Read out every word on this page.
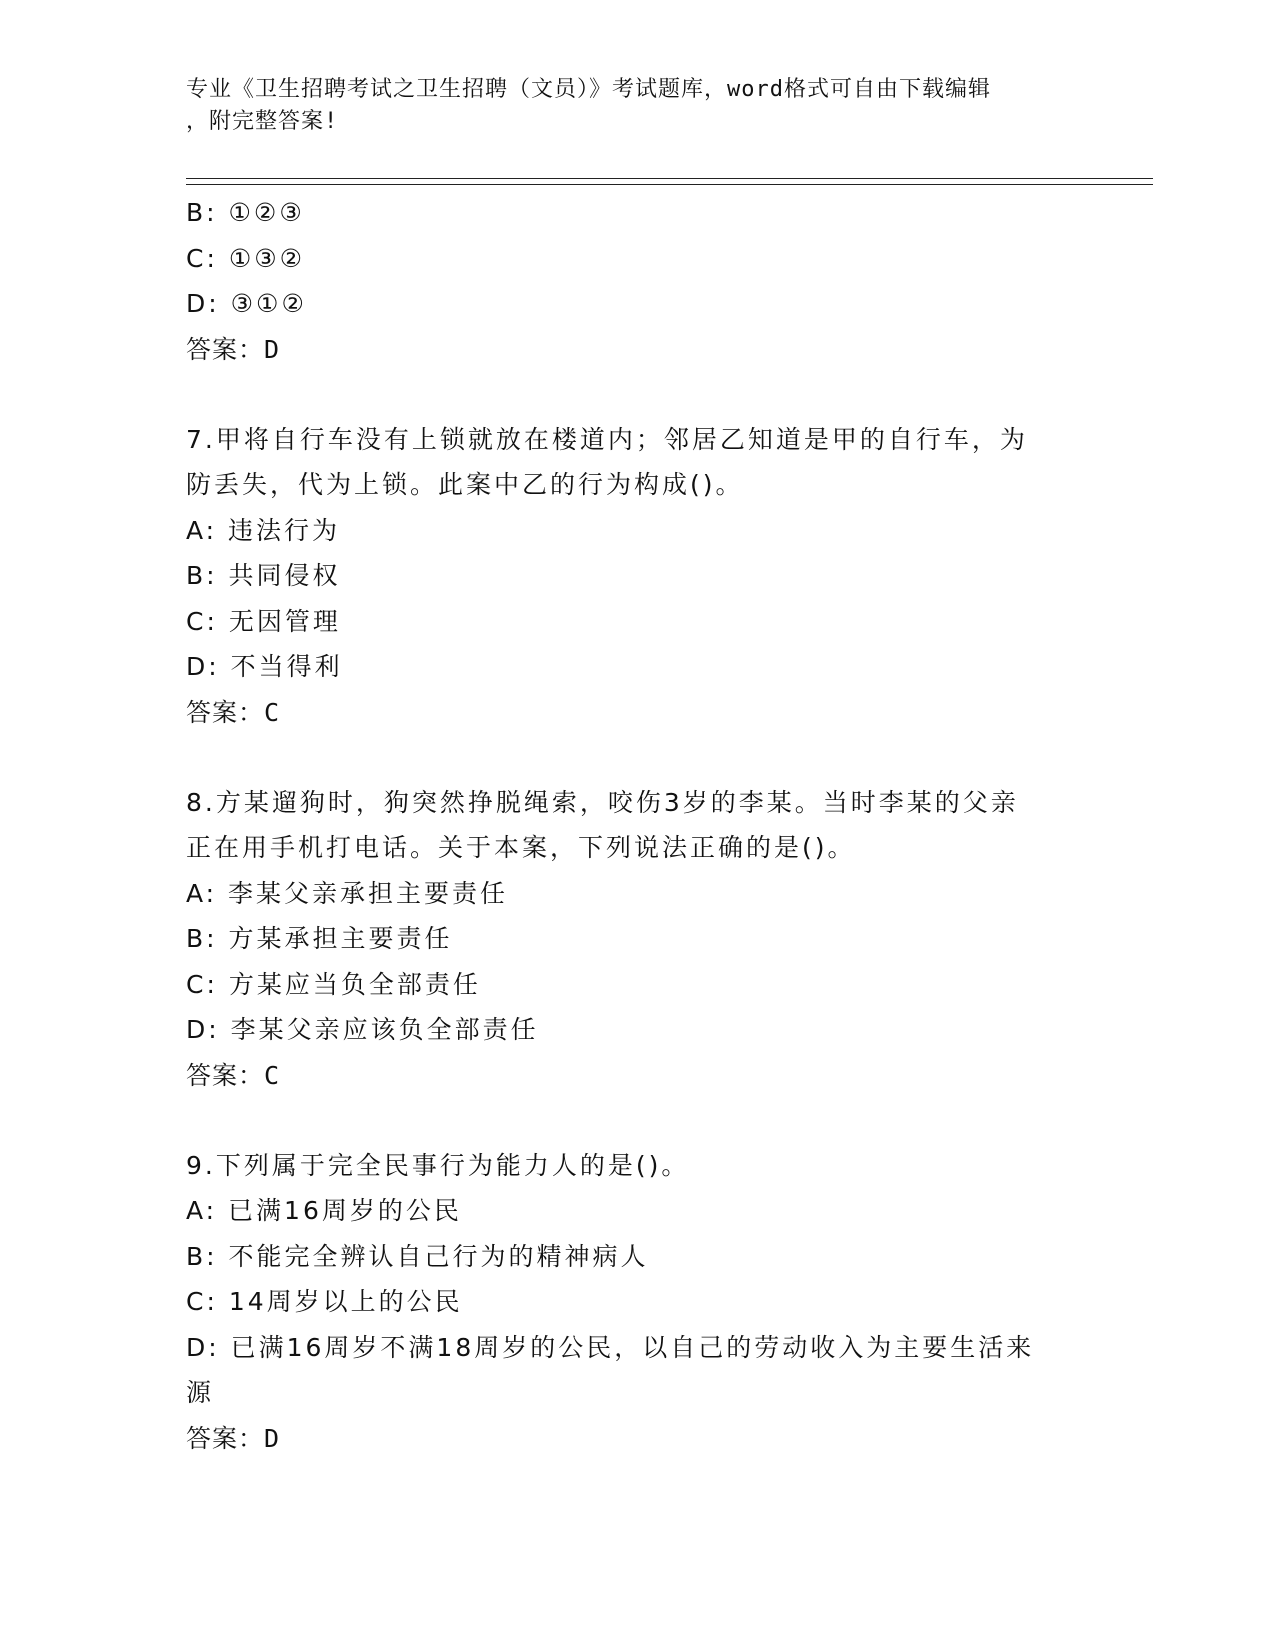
专业《卫生招聘考试之卫生招聘（文员）》考试题库，word格式可自由下载编辑
，附完整答案!
B: ①②③
C: ①③②
D: ③①②
答案：D
7.甲将自行车没有上锁就放在楼道内；邻居乙知道是甲的自行车，为
防丢失，代为上锁。此案中乙的行为构成()。
A: 违法行为
B: 共同侵权
C: 无因管理
D: 不当得利
答案：C
8.方某遛狗时，狗突然挣脱绳索，咬伤3岁的李某。当时李某的父亲
正在用手机打电话。关于本案，下列说法正确的是()。
A: 李某父亲承担主要责任
B: 方某承担主要责任
C: 方某应当负全部责任
D: 李某父亲应该负全部责任
答案：C
9.下列属于完全民事行为能力人的是()。
A: 已满16周岁的公民
B: 不能完全辨认自己行为的精神病人
C: 14周岁以上的公民
D: 已满16周岁不满18周岁的公民，以自己的劳动收入为主要生活来
源
答案：D
